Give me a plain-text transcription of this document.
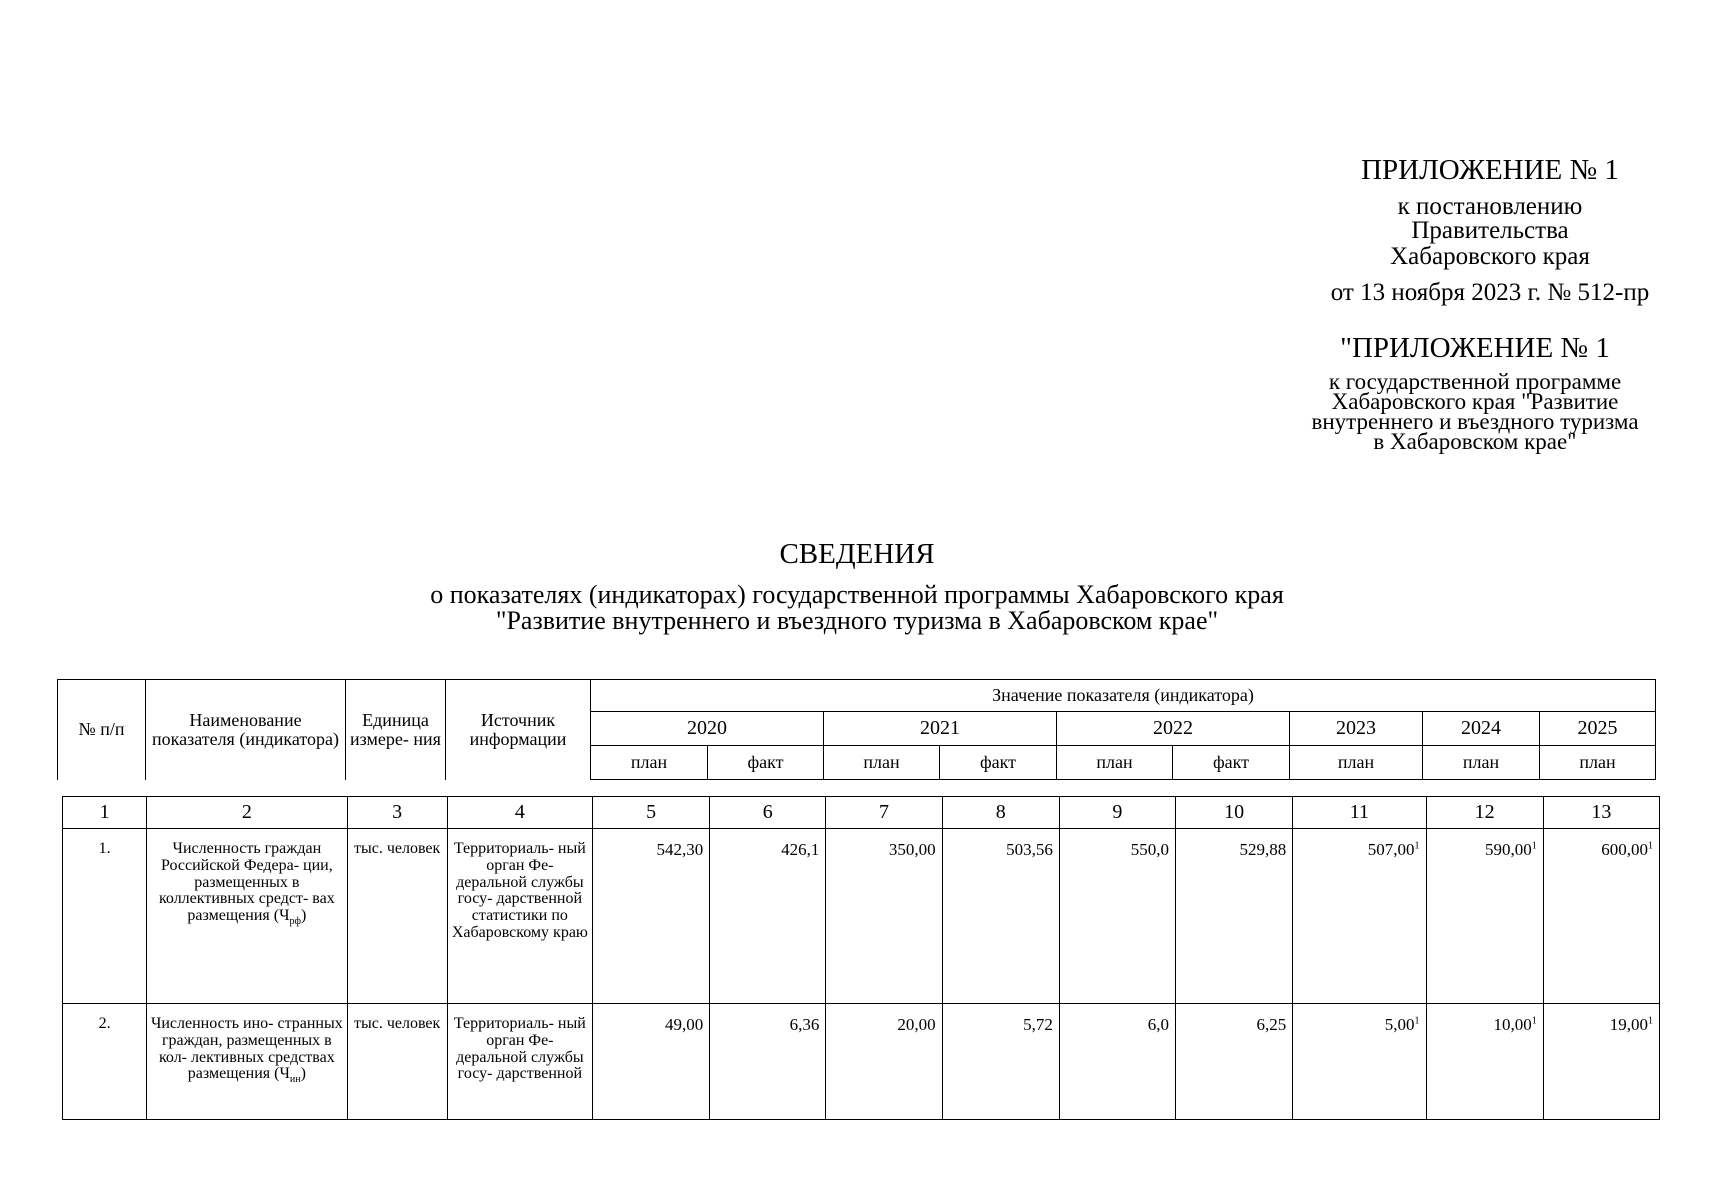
ПРИЛОЖЕНИЕ № 1
к постановлению
Правительства
Хабаровского края
от 13 ноября 2023 г. № 512-пр
"ПРИЛОЖЕНИЕ № 1
к государственной программе
Хабаровского края "Развитие
внутреннего и въездного туризма
в Хабаровском крае"
СВЕДЕНИЯ
о показателях (индикаторах) государственной программы Хабаровского края
"Развитие внутреннего и въездного туризма в Хабаровском крае"
№ п/п	Наименование показателя (индикатора)	Единица измере- ния	Источник информации	Значение показателя (индикатора)								
				2020		2021		2022		2023	2024	2025
				план	факт	план	факт	план	факт	план	план	план
1	2	3	4	5	6	7	8	9	10	11	12	13
1.	Численность граждан Российской Федера- ции, размещенных в коллективных средст- вах размещения $(Ч_{рф})$	тыс. человек	Территориаль- ный орган Фе- деральной службы госу- дарственной статистики по Хабаровскому краю	542,30	426,1	350,00	503,56	550,0	529,88	507,00$^1$	590,00$^1$	600,00$^1$
2.	Численность ино- странных граждан, размещенных в кол- лективных средствах размещения $(Ч_{ин})$	тыс. человек	Территориаль- ный орган Фе- деральной службы госу- дарственной	49,00	6,36	20,00	5,72	6,0	6,25	5,00$^1$	10,00$^1$	19,00$^1$
